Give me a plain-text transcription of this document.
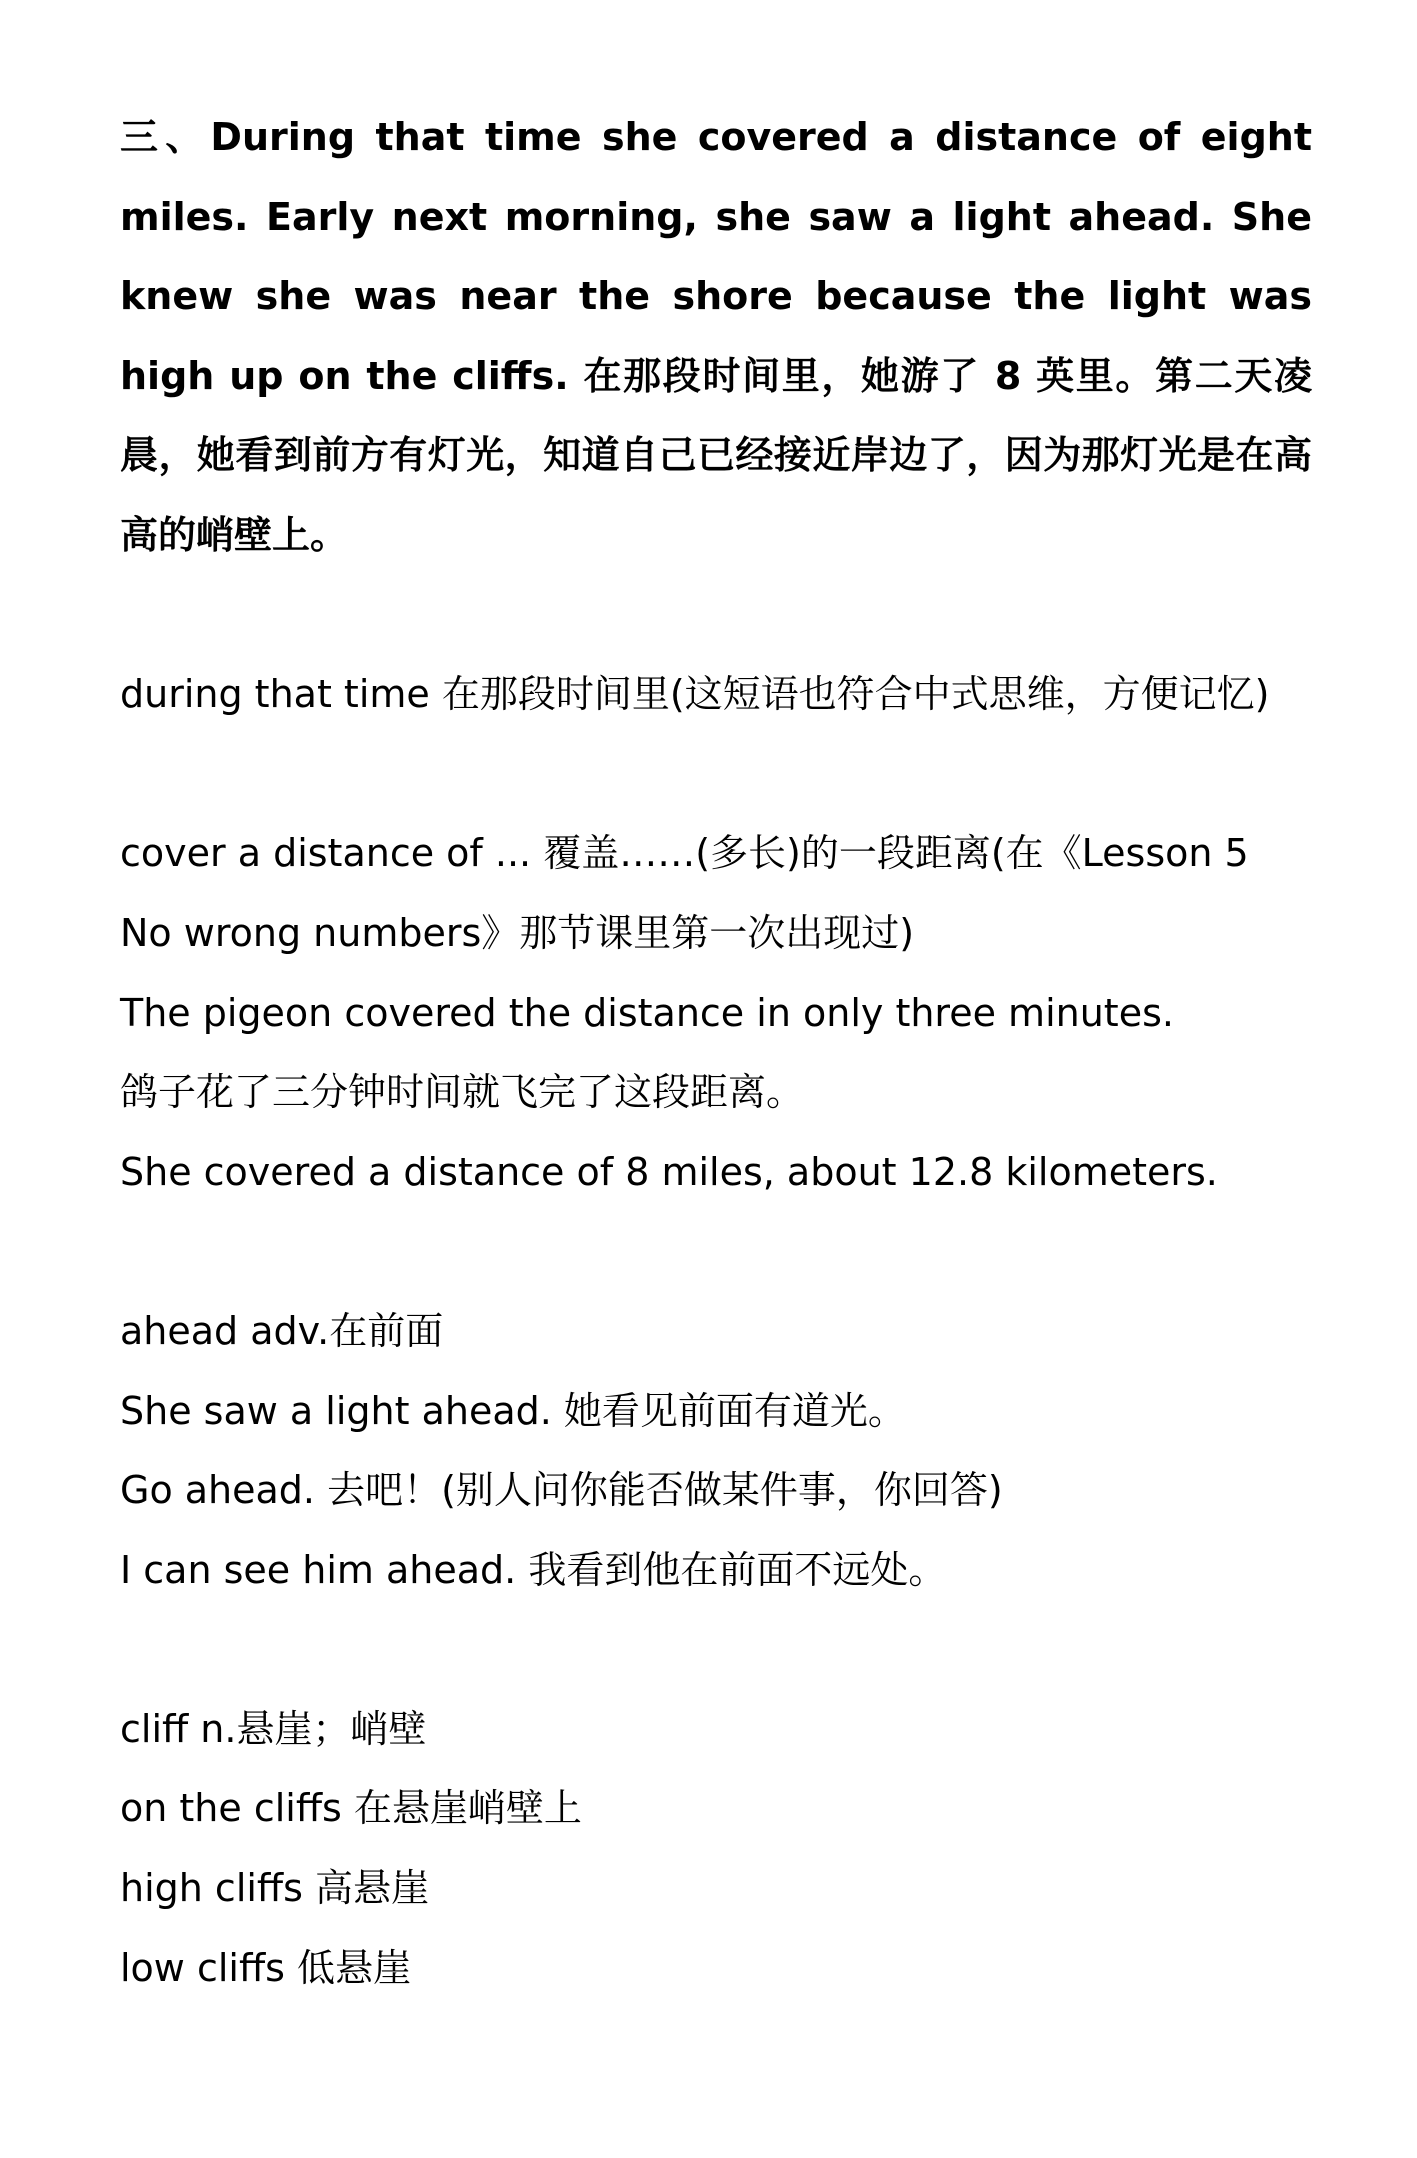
三、During that time she covered a distance of eight miles. Early next morning, she saw a light ahead. She knew she was near the shore because the light was high up on the cliffs. 在那段时间里，她游了 8 英里。第二天凌晨，她看到前方有灯光，知道自己已经接近岸边了，因为那灯光是在高高的峭壁上。

during that time 在那段时间里(这短语也符合中式思维，方便记忆)

cover a distance of ... 覆盖……(多长)的一段距离(在《Lesson 5 No wrong numbers》那节课里第一次出现过)

The pigeon covered the distance in only three minutes.
鸽子花了三分钟时间就飞完了这段距离。
She covered a distance of 8 miles, about 12.8 kilometers.
ahead adv.在前面
She saw a light ahead. 她看见前面有道光。
Go ahead. 去吧！(别人问你能否做某件事，你回答)
I can see him ahead. 我看到他在前面不远处。
cliff n.悬崖；峭壁
on the cliffs 在悬崖峭壁上
high cliffs 高悬崖
low cliffs 低悬崖
